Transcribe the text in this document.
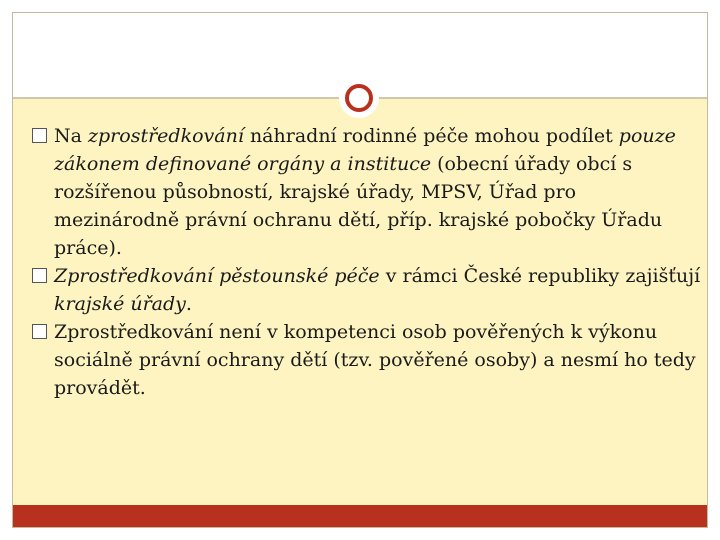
Na zprostředkování náhradní rodinné péče mohou podílet pouze zákonem definované orgány a instituce (obecní úřady obcí s rozšířenou působností, krajské úřady, MPSV, Úřad pro mezinárodně právní ochranu dětí, příp. krajské pobočky Úřadu práce).
Zprostředkování pěstounské péče v rámci České republiky zajišťují krajské úřady.
Zprostředkování není v kompetenci osob pověřených k výkonu sociálně právní ochrany dětí (tzv. pověřené osoby) a nesmí ho tedy provádět.
